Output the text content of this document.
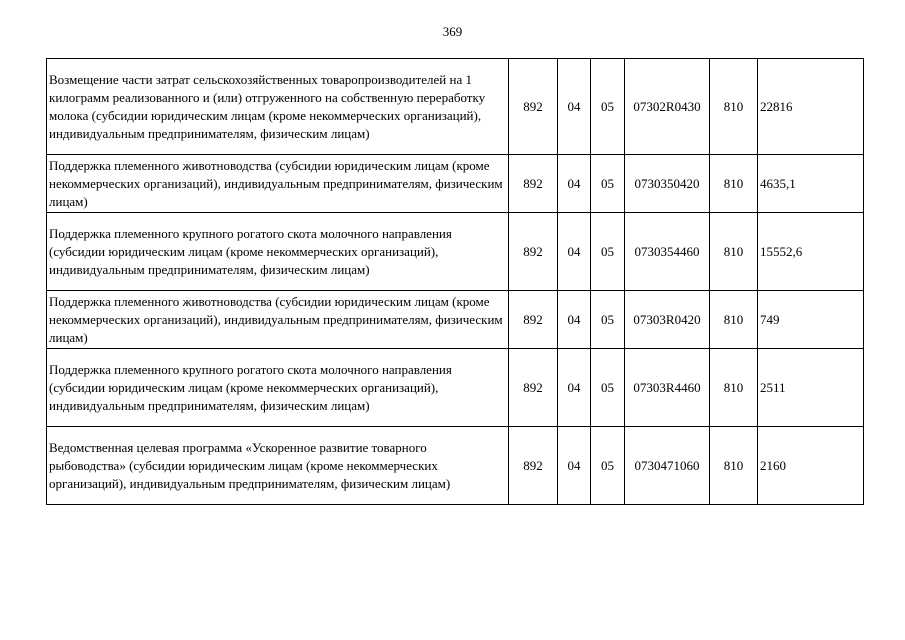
369
Возмещение части затрат сельскохозяйственных товаропроизводителей на 1 килограмм реализованного и (или) отгруженного на собственную переработку молока (субсидии юридическим лицам (кроме некоммерческих организаций), индивидуальным предпринимателям, физическим лицам)	892	04	05	07302R0430	810	22816
Поддержка племенного животноводства (субсидии юридическим лицам (кроме некоммерческих организаций), индивидуальным предпринимателям, физическим лицам)	892	04	05	0730350420	810	4635,1
Поддержка племенного крупного рогатого скота молочного направления (субсидии юридическим лицам (кроме некоммерческих организаций), индивидуальным предпринимателям, физическим лицам)	892	04	05	0730354460	810	15552,6
Поддержка племенного животноводства (субсидии юридическим лицам (кроме некоммерческих организаций), индивидуальным предпринимателям, физическим лицам)	892	04	05	07303R0420	810	749
Поддержка племенного крупного рогатого скота молочного направления (субсидии юридическим лицам (кроме некоммерческих организаций), индивидуальным предпринимателям, физическим лицам)	892	04	05	07303R4460	810	2511
Ведомственная целевая программа «Ускоренное развитие товарного рыбоводства» (субсидии юридическим лицам (кроме некоммерческих организаций), индивидуальным предпринимателям, физическим лицам)	892	04	05	0730471060	810	2160
